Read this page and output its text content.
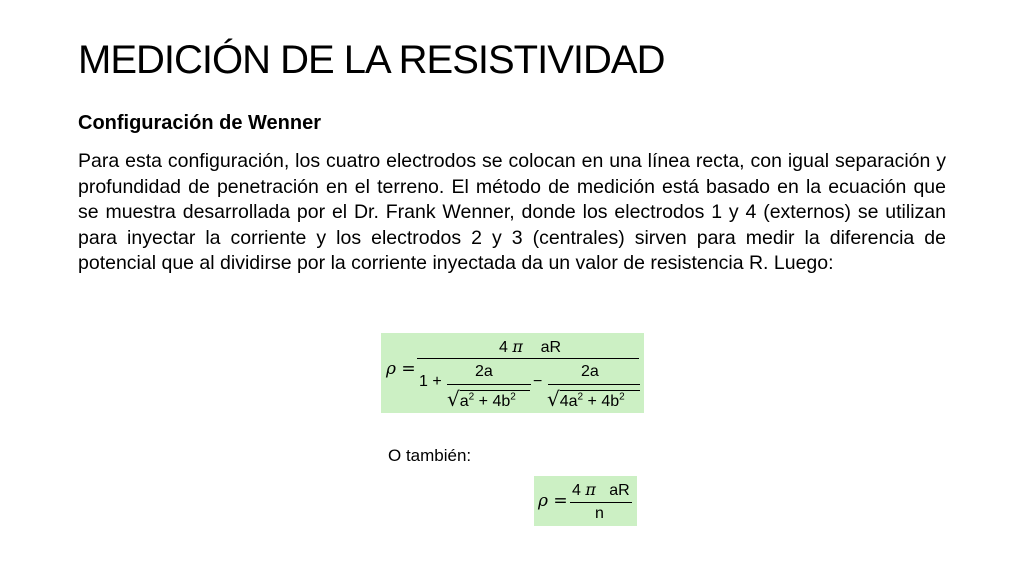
MEDICIÓN DE LA RESISTIVIDAD
Configuración de Wenner
Para esta configuración, los cuatro electrodos se colocan en una línea recta, con igual separación y profundidad de penetración en el terreno. El método de medición está basado en la ecuación que se muestra desarrollada por el Dr. Frank Wenner, donde los electrodos 1 y 4 (externos) se utilizan para inyectar la corriente y los electrodos 2 y 3 (centrales) sirven para medir la diferencia de potencial que al dividirse por la corriente inyectada da un valor de resistencia R. Luego:
ρ =
4 π aR
1 +
2a
$√a^2 + 4b^2$
−
2a
$√4a^2 + 4b^2$
O también:
ρ =
4 π aR
n
